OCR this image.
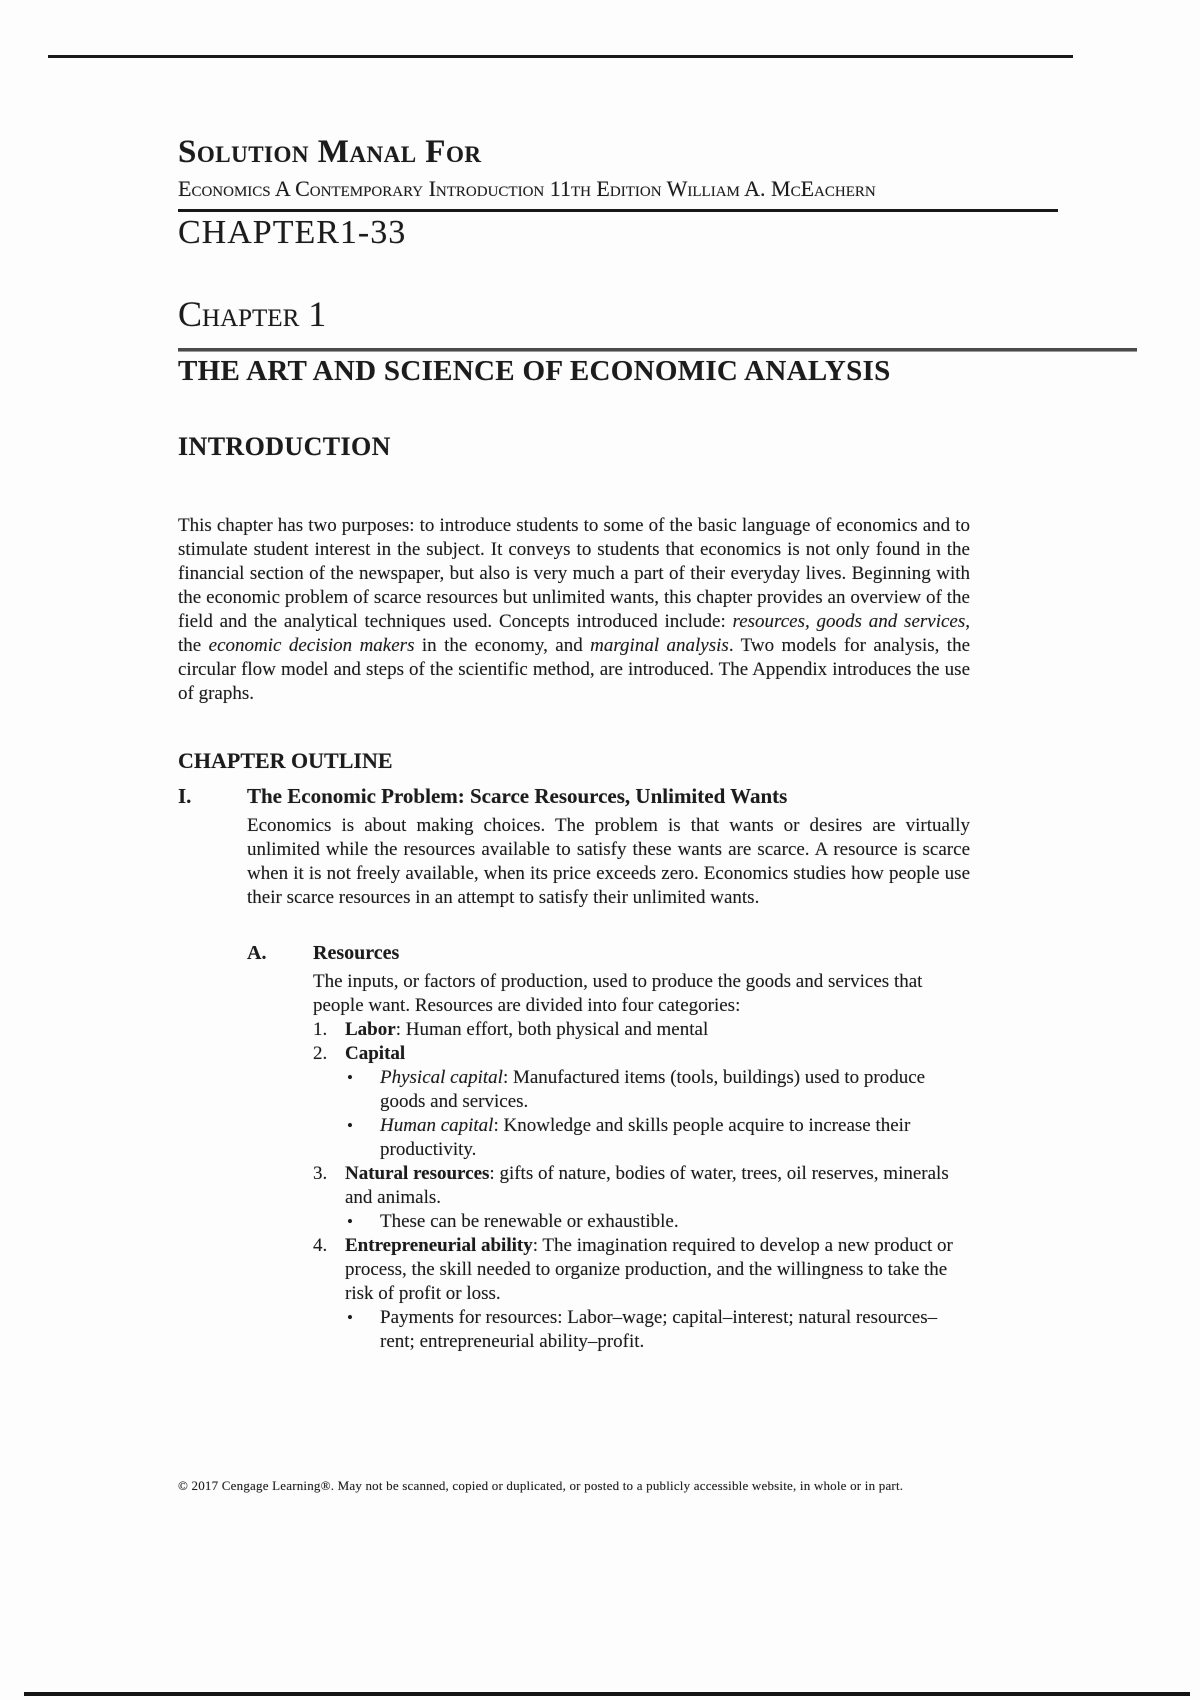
Solution Manal For
Economics A Contemporary Introduction 11th Edition William A. McEachern
CHAPTER1-33
Chapter 1
THE ART AND SCIENCE OF ECONOMIC ANALYSIS
INTRODUCTION

This chapter has two purposes: to introduce students to some of the basic language of economics and to stimulate student interest in the subject. It conveys to students that economics is not only found in the financial section of the newspaper, but also is very much a part of their everyday lives. Beginning with the economic problem of scarce resources but unlimited wants, this chapter provides an overview of the field and the analytical techniques used. Concepts introduced include: resources, goods and services, the economic decision makers in the economy, and marginal analysis. Two models for analysis, the circular flow model and steps of the scientific method, are introduced. The Appendix introduces the use of graphs.

CHAPTER OUTLINE
I.	The Economic Problem: Scarce Resources, Unlimited Wants

Economics is about making choices. The problem is that wants or desires are virtually unlimited while the resources available to satisfy these wants are scarce. A resource is scarce when it is not freely available, when its price exceeds zero. Economics studies how people use their scarce resources in an attempt to satisfy their unlimited wants.

A.	Resources

The inputs, or factors of production, used to produce the goods and services that people want. Resources are divided into four categories:

1. Labor: Human effort, both physical and mental
2. Capital
•	Physical capital: Manufactured items (tools, buildings) used to produce goods and services.
•	Human capital: Knowledge and skills people acquire to increase their productivity.
3. Natural resources: gifts of nature, bodies of water, trees, oil reserves, minerals and animals.
•	These can be renewable or exhaustible.
4. Entrepreneurial ability: The imagination required to develop a new product or process, the skill needed to organize production, and the willingness to take the risk of profit or loss.
•	Payments for resources: Labor–wage; capital–interest; natural resources–rent; entrepreneurial ability–profit.
© 2017 Cengage Learning®. May not be scanned, copied or duplicated, or posted to a publicly accessible website, in whole or in part.
